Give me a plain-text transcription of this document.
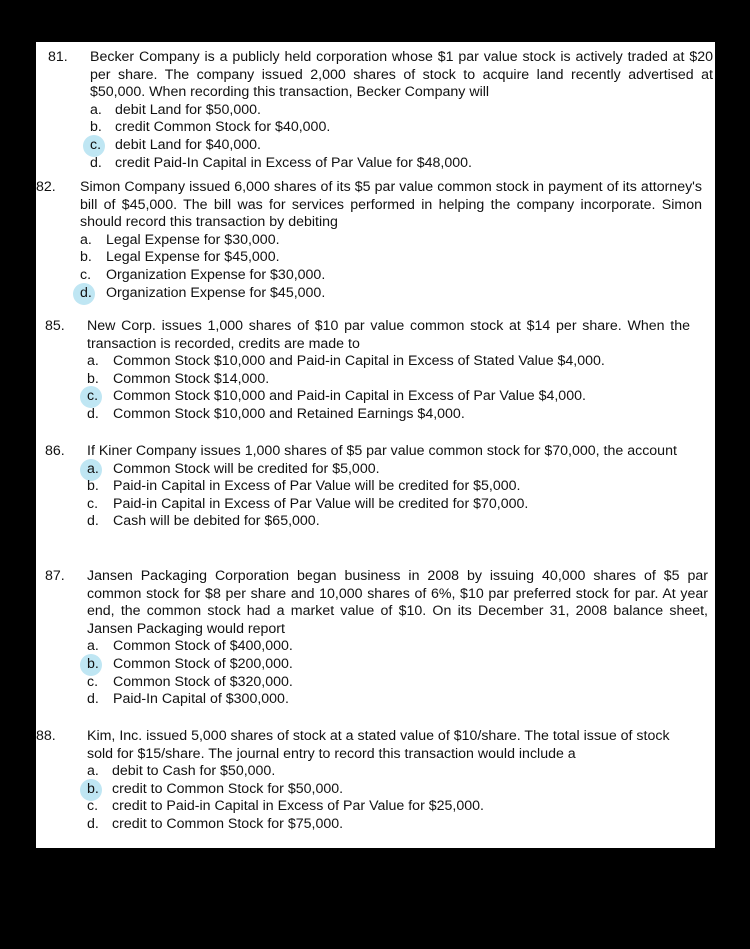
81. Becker Company is a publicly held corporation whose $1 par value stock is actively traded at $20 per share. The company issued 2,000 shares of stock to acquire land recently advertised at $50,000. When recording this transaction, Becker Company will
a. debit Land for $50,000.
b. credit Common Stock for $40,000.
c. debit Land for $40,000.
d. credit Paid-In Capital in Excess of Par Value for $48,000.
82. Simon Company issued 6,000 shares of its $5 par value common stock in payment of its attorney's bill of $45,000. The bill was for services performed in helping the company incorporate. Simon should record this transaction by debiting
a. Legal Expense for $30,000.
b. Legal Expense for $45,000.
c. Organization Expense for $30,000.
d. Organization Expense for $45,000.
85. New Corp. issues 1,000 shares of $10 par value common stock at $14 per share. When the transaction is recorded, credits are made to
a. Common Stock $10,000 and Paid-in Capital in Excess of Stated Value $4,000.
b. Common Stock $14,000.
c. Common Stock $10,000 and Paid-in Capital in Excess of Par Value $4,000.
d. Common Stock $10,000 and Retained Earnings $4,000.
86. If Kiner Company issues 1,000 shares of $5 par value common stock for $70,000, the account
a. Common Stock will be credited for $5,000.
b. Paid-in Capital in Excess of Par Value will be credited for $5,000.
c. Paid-in Capital in Excess of Par Value will be credited for $70,000.
d. Cash will be debited for $65,000.
87. Jansen Packaging Corporation began business in 2008 by issuing 40,000 shares of $5 par common stock for $8 per share and 10,000 shares of 6%, $10 par preferred stock for par. At year end, the common stock had a market value of $10. On its December 31, 2008 balance sheet, Jansen Packaging would report
a. Common Stock of $400,000.
b. Common Stock of $200,000.
c. Common Stock of $320,000.
d. Paid-In Capital of $300,000.
88. Kim, Inc. issued 5,000 shares of stock at a stated value of $10/share. The total issue of stock sold for $15/share. The journal entry to record this transaction would include a
a. debit to Cash for $50,000.
b. credit to Common Stock for $50,000.
c. credit to Paid-in Capital in Excess of Par Value for $25,000.
d. credit to Common Stock for $75,000.
